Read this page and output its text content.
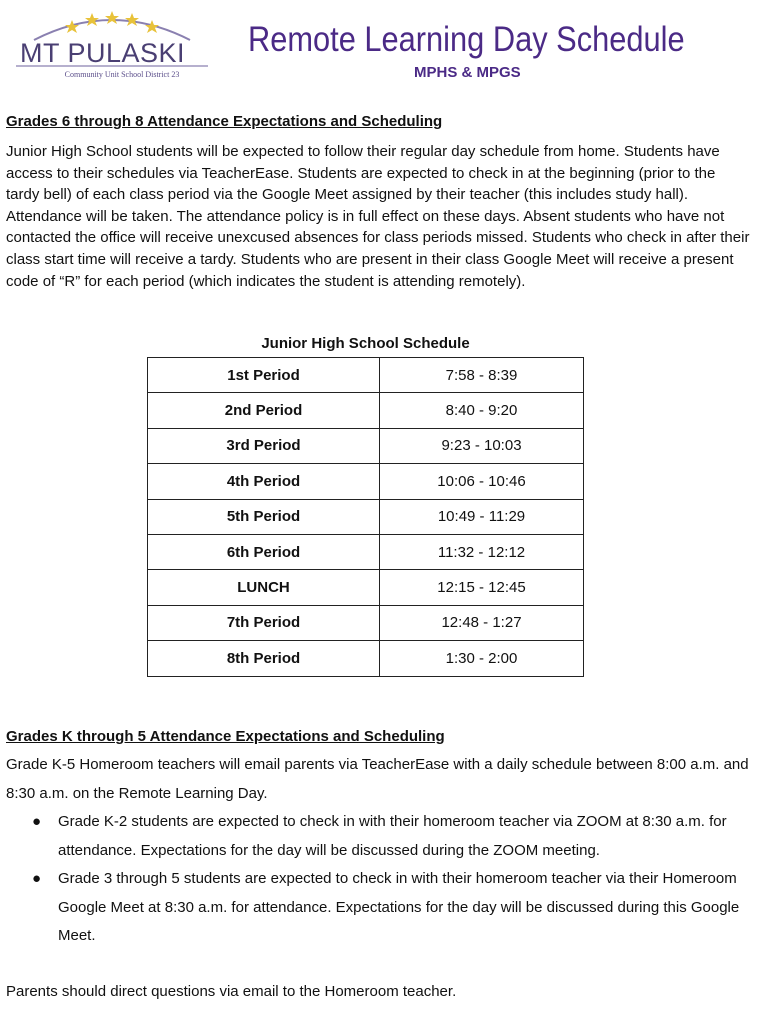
MT PULASKI
Community Unit School District 23
Remote Learning Day Schedule
MPHS & MPGS
Grades 6 through 8 Attendance Expectations and Scheduling
Junior High School students will be expected to follow their regular day schedule from home. Students have access to their schedules via TeacherEase. Students are expected to check in at the beginning (prior to the tardy bell) of each class period via the Google Meet assigned by their teacher (this includes study hall). Attendance will be taken. The attendance policy is in full effect on these days. Absent students who have not contacted the office will receive unexcused absences for class periods missed. Students who check in after their class start time will receive a tardy. Students who are present in their class Google Meet will receive a present code of “R” for each period (which indicates the student is attending remotely).
Junior High School Schedule
1st Period	7:58 - 8:39
2nd Period	8:40 - 9:20
3rd Period	9:23 - 10:03
4th Period	10:06 - 10:46
5th Period	10:49 - 11:29
6th Period	11:32 - 12:12
LUNCH	12:15 - 12:45
7th Period	12:48 - 1:27
8th Period	1:30 - 2:00
Grades K through 5 Attendance Expectations and Scheduling
Grade K-5 Homeroom teachers will email parents via TeacherEase with a daily schedule between 8:00 a.m. and 8:30 a.m. on the Remote Learning Day.
● Grade K-2 students are expected to check in with their homeroom teacher via ZOOM at 8:30 a.m. for attendance. Expectations for the day will be discussed during the ZOOM meeting.
● Grade 3 through 5 students are expected to check in with their homeroom teacher via their Homeroom Google Meet at 8:30 a.m. for attendance. Expectations for the day will be discussed during this Google Meet.
Parents should direct questions via email to the Homeroom teacher.
